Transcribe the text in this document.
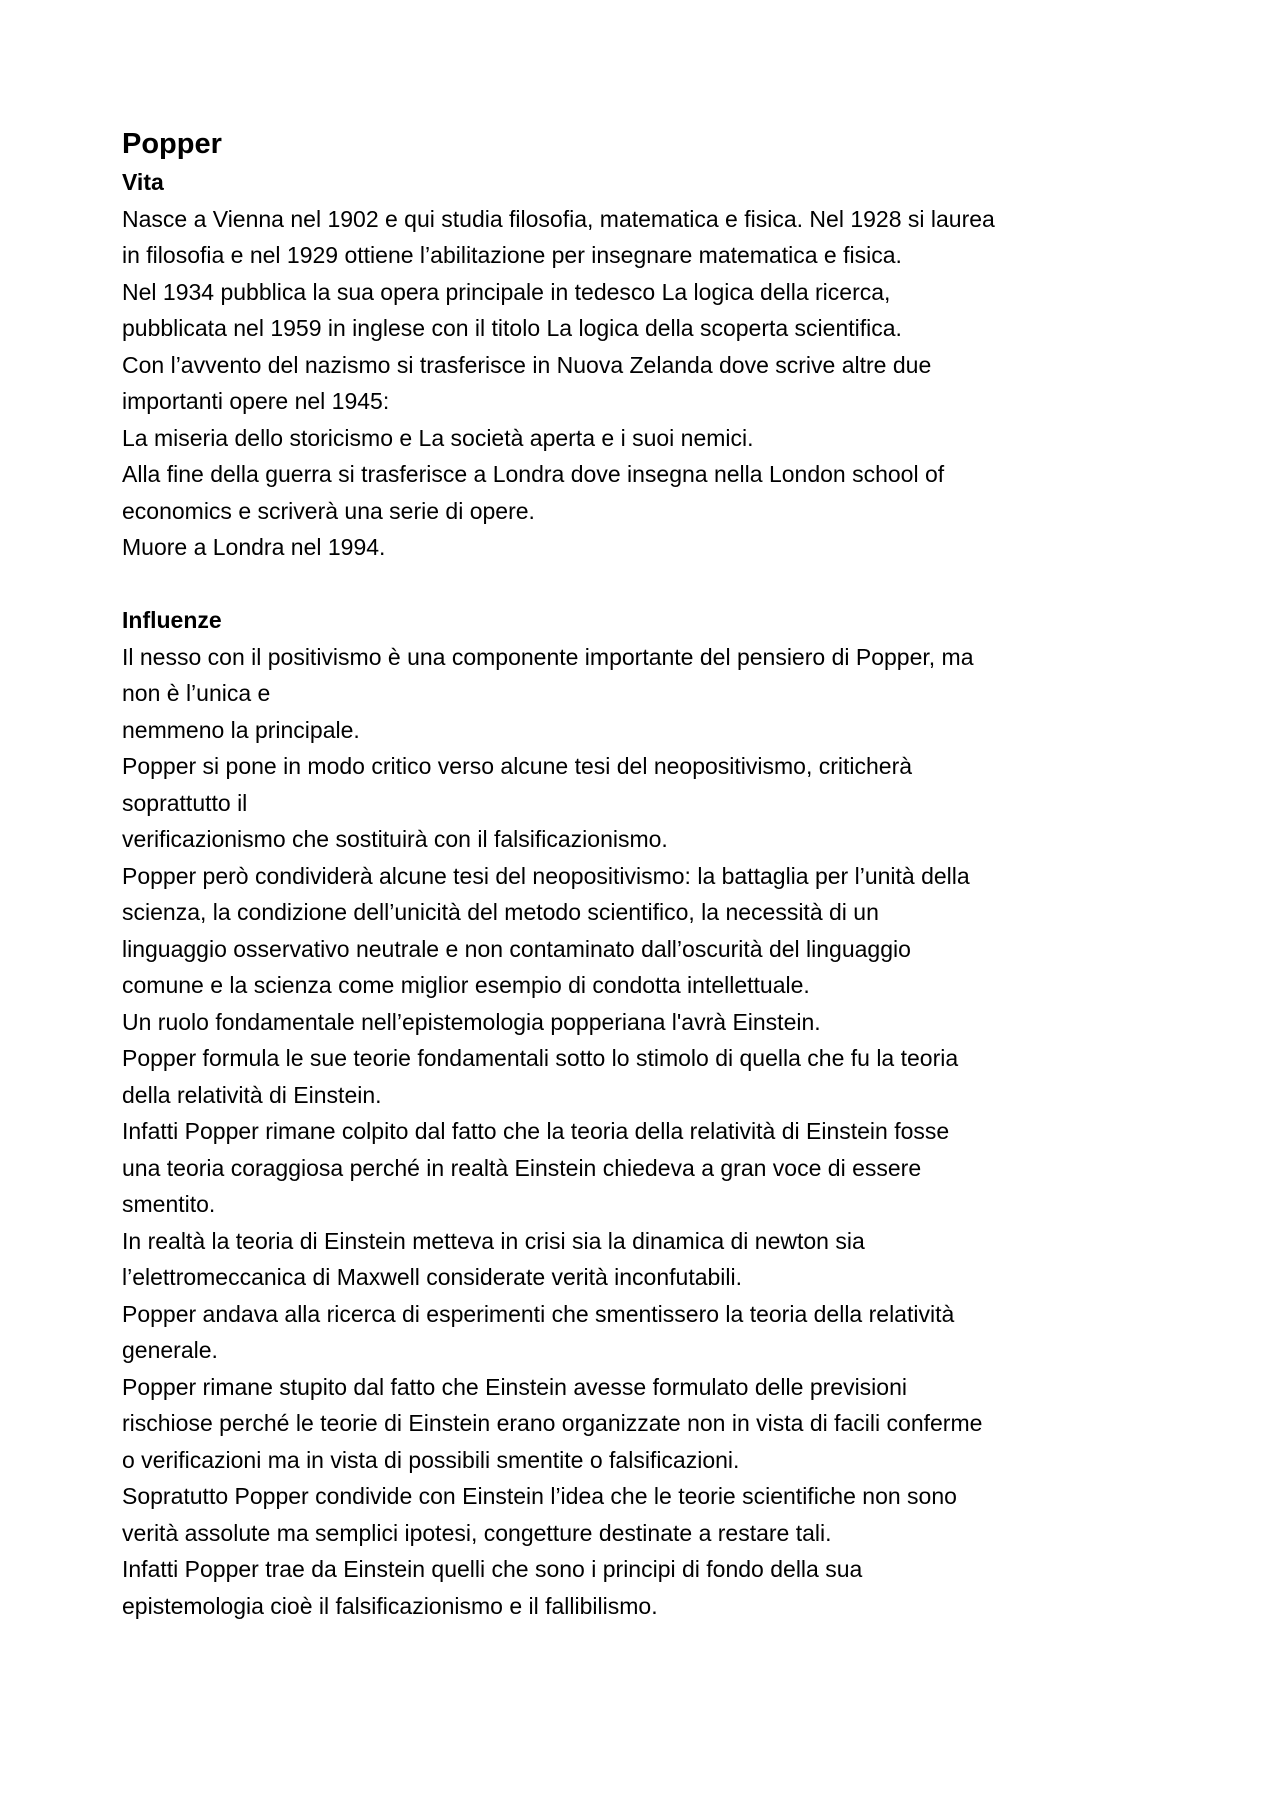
Popper
Vita
Nasce a Vienna nel 1902 e qui studia filosofia, matematica e fisica. Nel 1928 si laurea
in filosofia e nel 1929 ottiene l’abilitazione per insegnare matematica e fisica.
Nel 1934 pubblica la sua opera principale in tedesco La logica della ricerca,
pubblicata nel 1959 in inglese con il titolo La logica della scoperta scientifica.
Con l’avvento del nazismo si trasferisce in Nuova Zelanda dove scrive altre due
importanti opere nel 1945:
La miseria dello storicismo e La società aperta e i suoi nemici.
Alla fine della guerra si trasferisce a Londra dove insegna nella London school of
economics e scriverà una serie di opere.
Muore a Londra nel 1994.
Influenze
Il nesso con il positivismo è una componente importante del pensiero di Popper, ma
non è l’unica e
nemmeno la principale.
Popper si pone in modo critico verso alcune tesi del neopositivismo, criticherà
soprattutto il
verificazionismo che sostituirà con il falsificazionismo.
Popper però condividerà alcune tesi del neopositivismo: la battaglia per l’unità della
scienza, la condizione dell’unicità del metodo scientifico, la necessità di un
linguaggio osservativo neutrale e non contaminato dall’oscurità del linguaggio
comune e la scienza come miglior esempio di condotta intellettuale.
Un ruolo fondamentale nell’epistemologia popperiana l'avrà Einstein.
Popper formula le sue teorie fondamentali sotto lo stimolo di quella che fu la teoria
della relatività di Einstein.
Infatti Popper rimane colpito dal fatto che la teoria della relatività di Einstein fosse
una teoria coraggiosa perché in realtà Einstein chiedeva a gran voce di essere
smentito.
In realtà la teoria di Einstein metteva in crisi sia la dinamica di newton sia
l’elettromeccanica di Maxwell considerate verità inconfutabili.
Popper andava alla ricerca di esperimenti che smentissero la teoria della relatività
generale.
Popper rimane stupito dal fatto che Einstein avesse formulato delle previsioni
rischiose perché le teorie di Einstein erano organizzate non in vista di facili conferme
o verificazioni ma in vista di possibili smentite o falsificazioni.
Sopratutto Popper condivide con Einstein l’idea che le teorie scientifiche non sono
verità assolute ma semplici ipotesi, congetture destinate a restare tali.
Infatti Popper trae da Einstein quelli che sono i principi di fondo della sua
epistemologia cioè il falsificazionismo e il fallibilismo.
